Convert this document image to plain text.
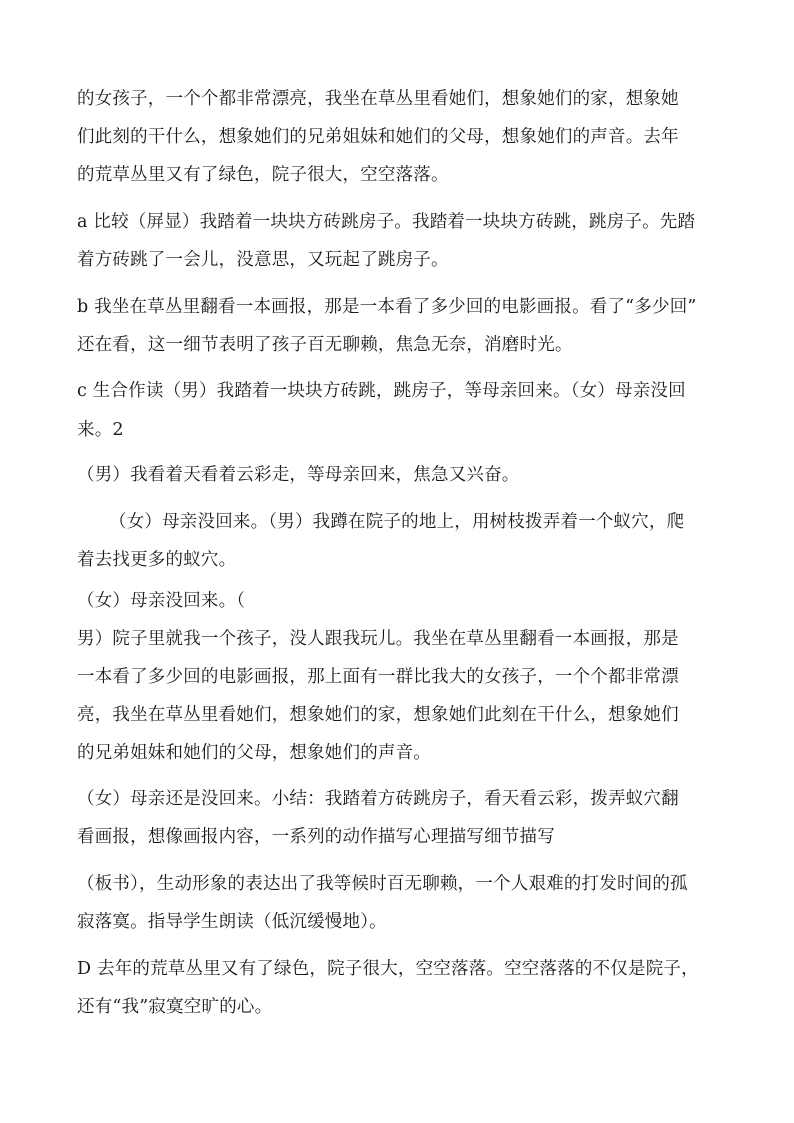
的女孩子，一个个都非常漂亮，我坐在草丛里看她们，想象她们的家，想象她
们此刻的干什么，想象她们的兄弟姐妹和她们的父母，想象她们的声音。去年
的荒草丛里又有了绿色，院子很大，空空落落。
a 比较（屏显）我踏着一块块方砖跳房子。我踏着一块块方砖跳，跳房子。先踏
着方砖跳了一会儿，没意思，又玩起了跳房子。
b 我坐在草丛里翻看一本画报，那是一本看了多少回的电影画报。看了“多少回”
还在看，这一细节表明了孩子百无聊赖，焦急无奈，消磨时光。
c 生合作读（男）我踏着一块块方砖跳，跳房子，等母亲回来。（女）母亲没回
来。2
（男）我看着天看着云彩走，等母亲回来，焦急又兴奋。
（女）母亲没回来。（男）我蹲在院子的地上，用树枝拨弄着一个蚁穴，爬
着去找更多的蚁穴。
（女）母亲没回来。（
男）院子里就我一个孩子，没人跟我玩儿。我坐在草丛里翻看一本画报，那是
一本看了多少回的电影画报，那上面有一群比我大的女孩子，一个个都非常漂
亮，我坐在草丛里看她们，想象她们的家，想象她们此刻在干什么，想象她们
的兄弟姐妹和她们的父母，想象她们的声音。
（女）母亲还是没回来。小结：我踏着方砖跳房子，看天看云彩，拨弄蚁穴翻
看画报，想像画报内容，一系列的动作描写心理描写细节描写
（板书），生动形象的表达出了我等候时百无聊赖，一个人艰难的打发时间的孤
寂落寞。指导学生朗读（低沉缓慢地）。
D 去年的荒草丛里又有了绿色，院子很大，空空落落。空空落落的不仅是院子，
还有“我”寂寞空旷的心。
